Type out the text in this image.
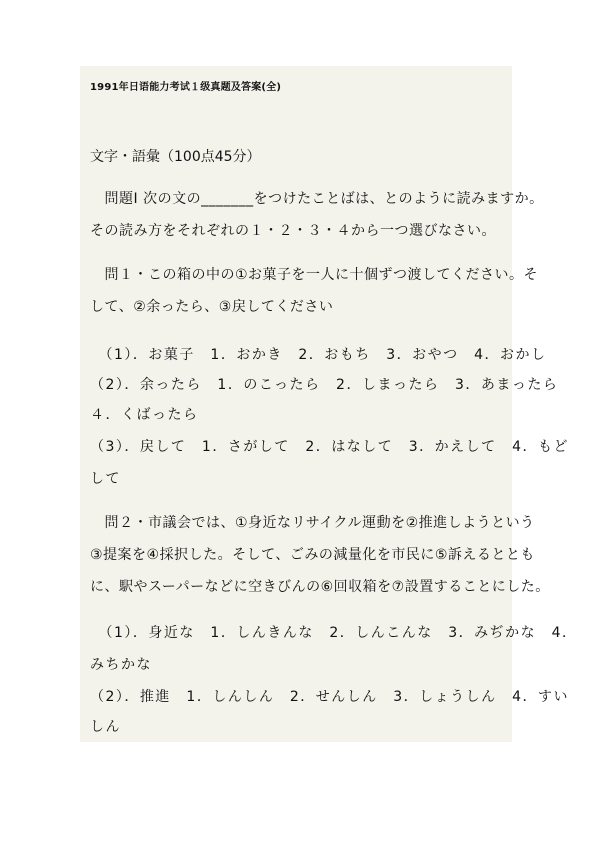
1991年日语能力考试１级真题及答案(全)
文字・語彙（100点45分）
　問題Ⅰ 次の文の_______をつけたことばは、とのように読みますか。
その読み方をそれぞれの１・２・３・４から一つ選びなさい。
　問１・この箱の中の①お菓子を一人に十個ずつ渡してください。そ
して、②余ったら、③戻してください
　（1）．お菓子　1．おかき　2．おもち　3．おやつ　4．おかし
（2）．余ったら　1．のこったら　2．しまったら　3．あまったら
４．くばったら
（3）．戻して　1．さがして　2．はなして　3．かえして　4．もど
して
　問２・市議会では、①身近なリサイクル運動を②推進しようという
③提案を④採択した。そして、ごみの減量化を市民に⑤訴えるととも
に、駅やスーパーなどに空きびんの⑥回収箱を⑦設置することにした。
　（1）．身近な　1．しんきんな　2．しんこんな　3．みぢかな　4．
みちかな
（2）．推進　1．しんしん　2．せんしん　3．しょうしん　4．すい
しん
